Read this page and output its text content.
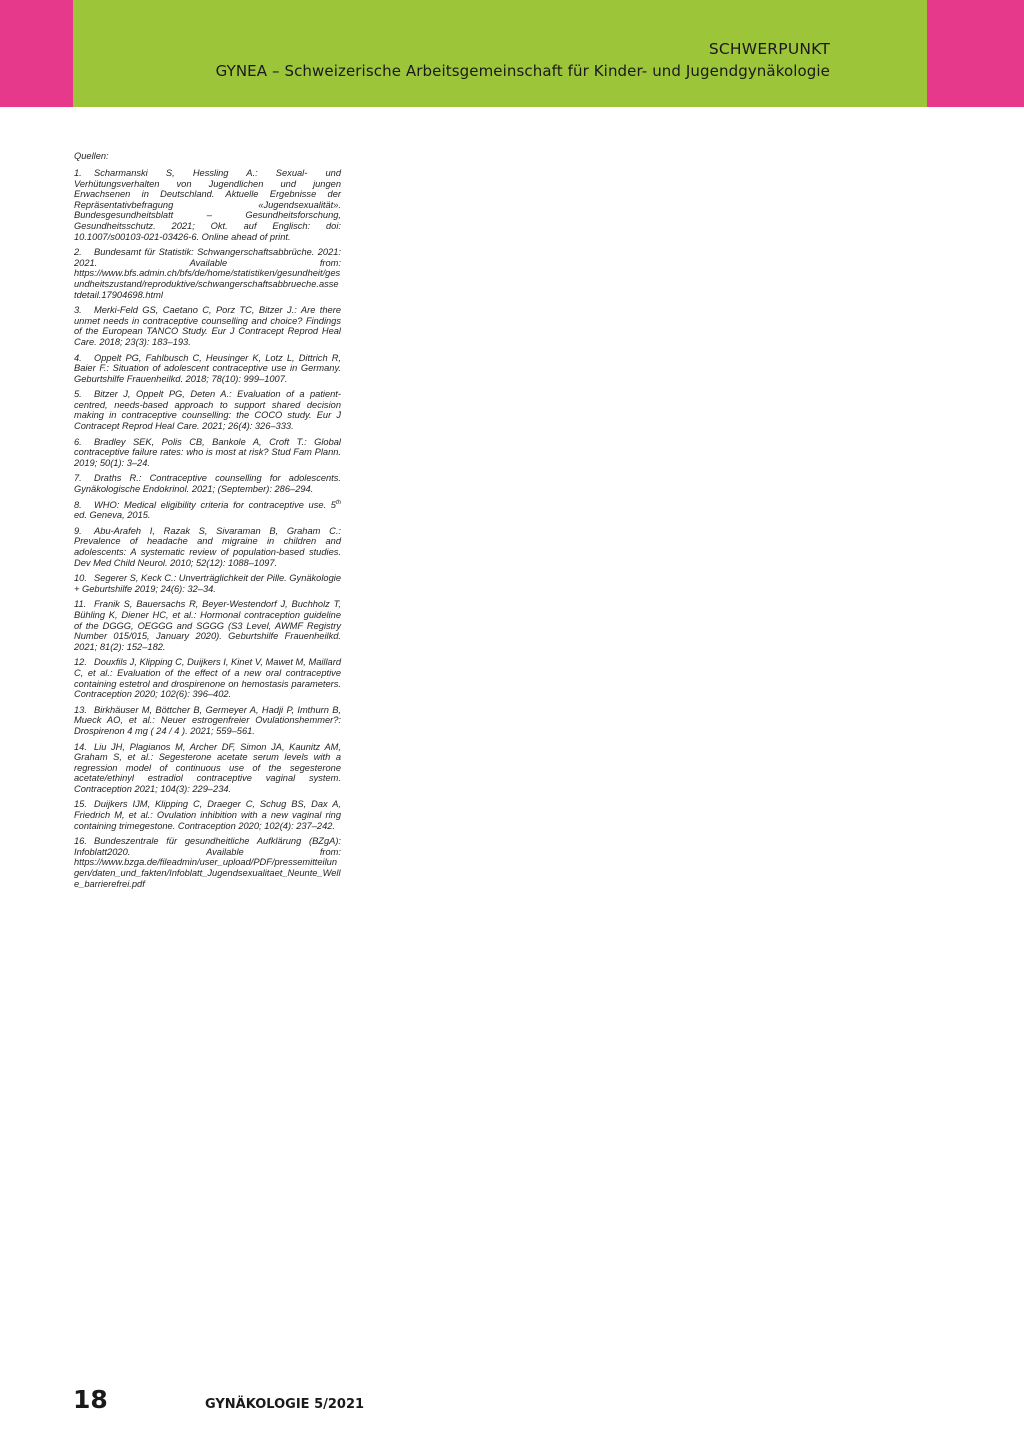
SCHWERPUNKT
GYNEA – Schweizerische Arbeitsgemeinschaft für Kinder- und Jugendgynäkologie

Quellen:

1. Scharmanski S, Hessling A.: Sexual- und Verhütungsverhalten von Jugendlichen und jungen Erwachsenen in Deutschland. Aktuelle Ergebnisse der Repräsentativbefragung «Jugendsexualität». Bundesgesundheitsblatt – Gesundheitsforschung, Gesundheitsschutz. 2021; Okt. auf Englisch: doi: 10.1007/s00103-021-03426-6. Online ahead of print.

2. Bundesamt für Statistik: Schwangerschaftsabbrüche. 2021: 2021. Available from: https://www.bfs.admin.ch/bfs/de/home/statistiken/gesundheit/gesundheitszustand/reproduktive/schwangerschaftsabbrueche.assetdetail.17904698.html

3. Merki-Feld GS, Caetano C, Porz TC, Bitzer J.: Are there unmet needs in contraceptive counselling and choice? Findings of the European TANCO Study. Eur J Contracept Reprod Heal Care. 2018; 23(3): 183–193.

4. Oppelt PG, Fahlbusch C, Heusinger K, Lotz L, Dittrich R, Baier F.: Situation of adolescent contraceptive use in Germany. Geburtshilfe Frauenheilkd. 2018; 78(10): 999–1007.

5. Bitzer J, Oppelt PG, Deten A.: Evaluation of a patient-centred, needs-based approach to support shared decision making in contraceptive counselling: the COCO study. Eur J Contracept Reprod Heal Care. 2021; 26(4): 326–333.

6. Bradley SEK, Polis CB, Bankole A, Croft T.: Global contraceptive failure rates: who is most at risk? Stud Fam Plann. 2019; 50(1): 3–24.

7. Draths R.: Contraceptive counselling for adolescents. Gynäkologische Endokrinol. 2021; (September): 286–294.

8. WHO: Medical eligibility criteria for contraceptive use. 5th ed. Geneva, 2015.

9. Abu-Arafeh I, Razak S, Sivaraman B, Graham C.: Prevalence of headache and migraine in children and adolescents: A systematic review of population-based studies. Dev Med Child Neurol. 2010; 52(12): 1088–1097.

10. Segerer S, Keck C.: Unverträglichkeit der Pille. Gynäkologie + Geburtshilfe 2019; 24(6): 32–34.

11. Franik S, Bauersachs R, Beyer-Westendorf J, Buchholz T, Bühling K, Diener HC, et al.: Hormonal contraception guideline of the DGGG, OEGGG and SGGG (S3 Level, AWMF Registry Number 015/015, January 2020). Geburtshilfe Frauenheilkd. 2021; 81(2): 152–182.

12. Douxfils J, Klipping C, Duijkers I, Kinet V, Mawet M, Maillard C, et al.: Evaluation of the effect of a new oral contraceptive containing estetrol and drospirenone on hemostasis parameters. Contraception 2020; 102(6): 396–402.

13. Birkhäuser M, Böttcher B, Germeyer A, Hadji P, Imthurn B, Mueck AO, et al.: Neuer estrogenfreier Ovulationshemmer?: Drospirenon 4 mg ( 24 / 4 ). 2021; 559–561.

14. Liu JH, Plagianos M, Archer DF, Simon JA, Kaunitz AM, Graham S, et al.: Segesterone acetate serum levels with a regression model of continuous use of the segesterone acetate/ethinyl estradiol contraceptive vaginal system. Contraception 2021; 104(3): 229–234.

15. Duijkers IJM, Klipping C, Draeger C, Schug BS, Dax A, Friedrich M, et al.: Ovulation inhibition with a new vaginal ring containing trimegestone. Contraception 2020; 102(4): 237–242.

16. Bundeszentrale für gesundheitliche Aufklärung (BZgA): Infoblatt2020. Available from: https://www.bzga.de/fileadmin/user_upload/PDF/pressemitteilungen/daten_und_fakten/Infoblatt_Jugendsexualitaet_Neunte_Welle_barrierefrei.pdf

18	GYNÄKOLOGIE 5/2021
